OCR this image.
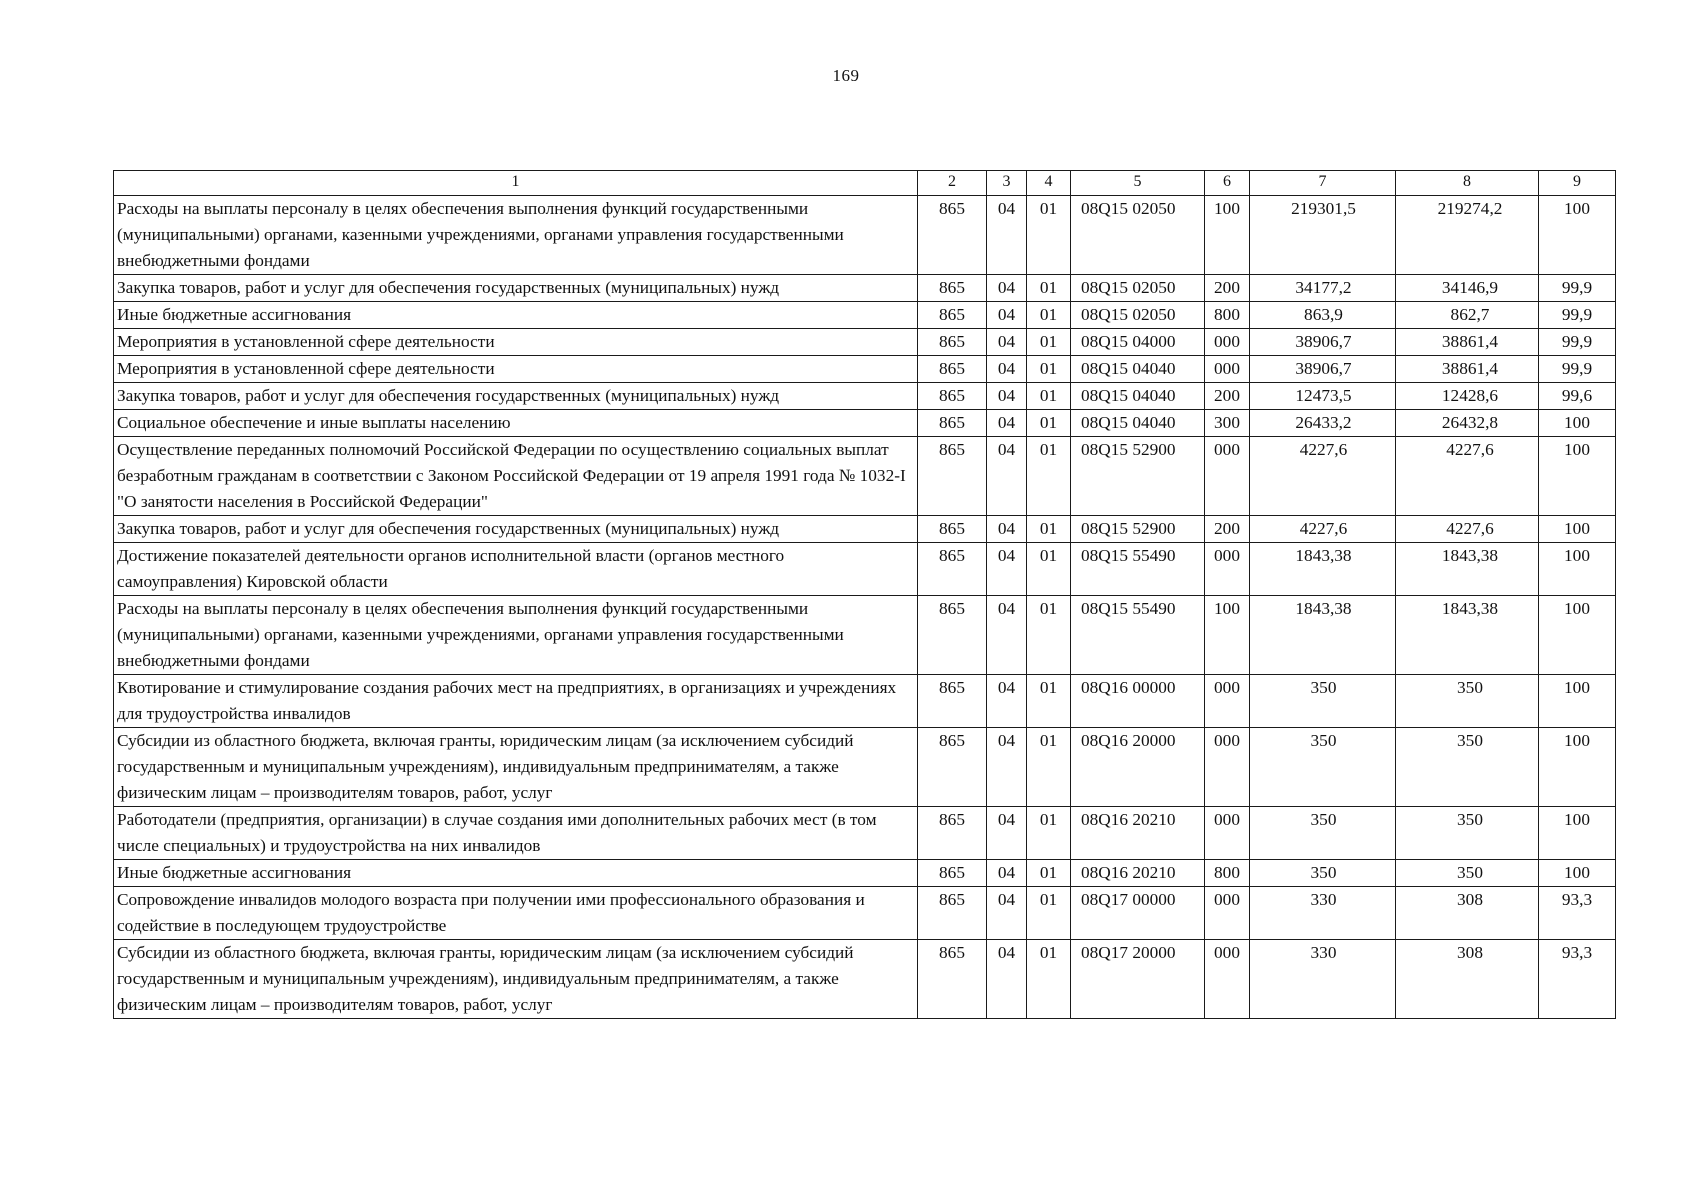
169
1	2	3	4	5	6	7	8	9
Расходы на выплаты персоналу в целях обеспечения выполнения функций государственными (муниципальными) органами, казенными учреждениями, органами управления государственными внебюджетными фондами	865	04	01	08Q15 02050	100	219301,5	219274,2	100
Закупка товаров, работ и услуг для обеспечения государственных (муниципальных) нужд	865	04	01	08Q15 02050	200	34177,2	34146,9	99,9
Иные бюджетные ассигнования	865	04	01	08Q15 02050	800	863,9	862,7	99,9
Мероприятия в установленной сфере деятельности	865	04	01	08Q15 04000	000	38906,7	38861,4	99,9
Мероприятия в установленной сфере деятельности	865	04	01	08Q15 04040	000	38906,7	38861,4	99,9
Закупка товаров, работ и услуг для обеспечения государственных (муниципальных) нужд	865	04	01	08Q15 04040	200	12473,5	12428,6	99,6
Социальное обеспечение и иные выплаты населению	865	04	01	08Q15 04040	300	26433,2	26432,8	100
Осуществление переданных полномочий Российской Федерации по осуществлению социальных выплат безработным гражданам в соответствии с Законом Российской Федерации от 19 апреля 1991 года № 1032-I "О занятости населения в Российской Федерации"	865	04	01	08Q15 52900	000	4227,6	4227,6	100
Закупка товаров, работ и услуг для обеспечения государственных (муниципальных) нужд	865	04	01	08Q15 52900	200	4227,6	4227,6	100
Достижение показателей деятельности органов исполнительной власти (органов местного самоуправления) Кировской области	865	04	01	08Q15 55490	000	1843,38	1843,38	100
Расходы на выплаты персоналу в целях обеспечения выполнения функций государственными (муниципальными) органами, казенными учреждениями, органами управления государственными внебюджетными фондами	865	04	01	08Q15 55490	100	1843,38	1843,38	100
Квотирование и стимулирование создания рабочих мест на предприятиях, в организациях и учреждениях для трудоустройства инвалидов	865	04	01	08Q16 00000	000	350	350	100
Субсидии из областного бюджета, включая гранты, юридическим лицам (за исключением субсидий государственным и муниципальным учреждениям), индивидуальным предпринимателям, а также физическим лицам – производителям товаров, работ, услуг	865	04	01	08Q16 20000	000	350	350	100
Работодатели (предприятия, организации) в случае создания ими дополнительных рабочих мест (в том числе специальных) и трудоустройства на них инвалидов	865	04	01	08Q16 20210	000	350	350	100
Иные бюджетные ассигнования	865	04	01	08Q16 20210	800	350	350	100
Сопровождение инвалидов молодого возраста при получении ими профессионального образования и содействие в последующем трудоустройстве	865	04	01	08Q17 00000	000	330	308	93,3
Субсидии из областного бюджета, включая гранты, юридическим лицам (за исключением субсидий государственным и муниципальным учреждениям), индивидуальным предпринимателям, а также физическим лицам – производителям товаров, работ, услуг	865	04	01	08Q17 20000	000	330	308	93,3
